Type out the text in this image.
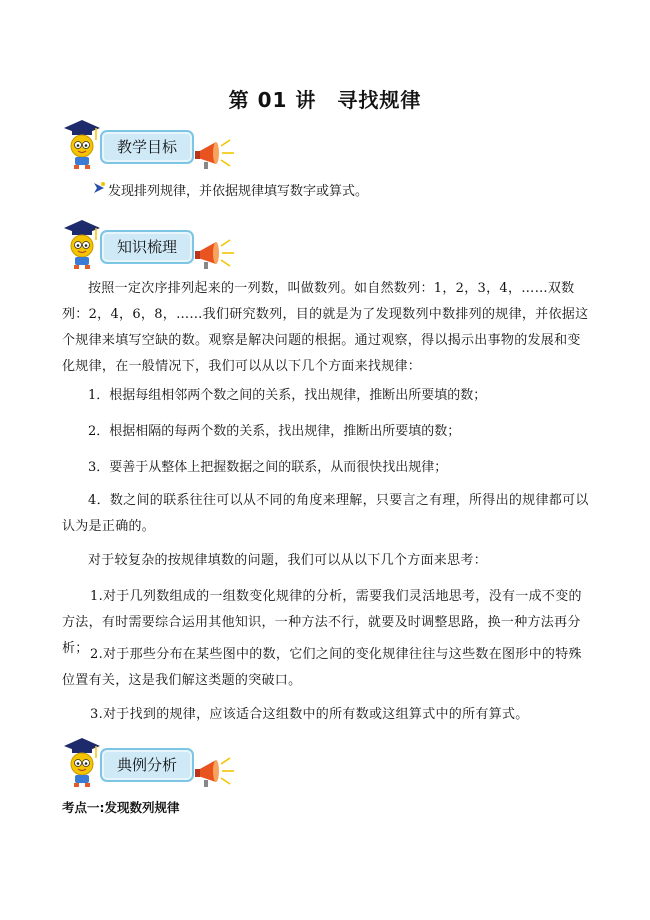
第 01 讲　寻找规律
教学目标
发现排列规律，并依据规律填写数字或算式。
知识梳理

按照一定次序排列起来的一列数，叫做数列。如自然数列：1，2，3，4，……双数列：2，4，6，8，……我们研究数列，目的就是为了发现数列中数排列的规律，并依据这个规律来填写空缺的数。观察是解决问题的根据。通过观察，得以揭示出事物的发展和变化规律，在一般情况下，我们可以从以下几个方面来找规律：

1．根据每组相邻两个数之间的关系，找出规律，推断出所要填的数；

2．根据相隔的每两个数的关系，找出规律，推断出所要填的数；

3．要善于从整体上把握数据之间的联系，从而很快找出规律；

4．数之间的联系往往可以从不同的角度来理解，只要言之有理，所得出的规律都可以认为是正确的。

对于较复杂的按规律填数的问题，我们可以从以下几个方面来思考：

1.对于几列数组成的一组数变化规律的分析，需要我们灵活地思考，没有一成不变的方法，有时需要综合运用其他知识，一种方法不行，就要及时调整思路，换一种方法再分析； 2.对于那些分布在某些图中的数，它们之间的变化规律往往与这些数在图形中的特殊位置有关，这是我们解这类题的突破口。

3.对于找到的规律，应该适合这组数中的所有数或这组算式中的所有算式。

典例分析
考点一:发现数列规律
